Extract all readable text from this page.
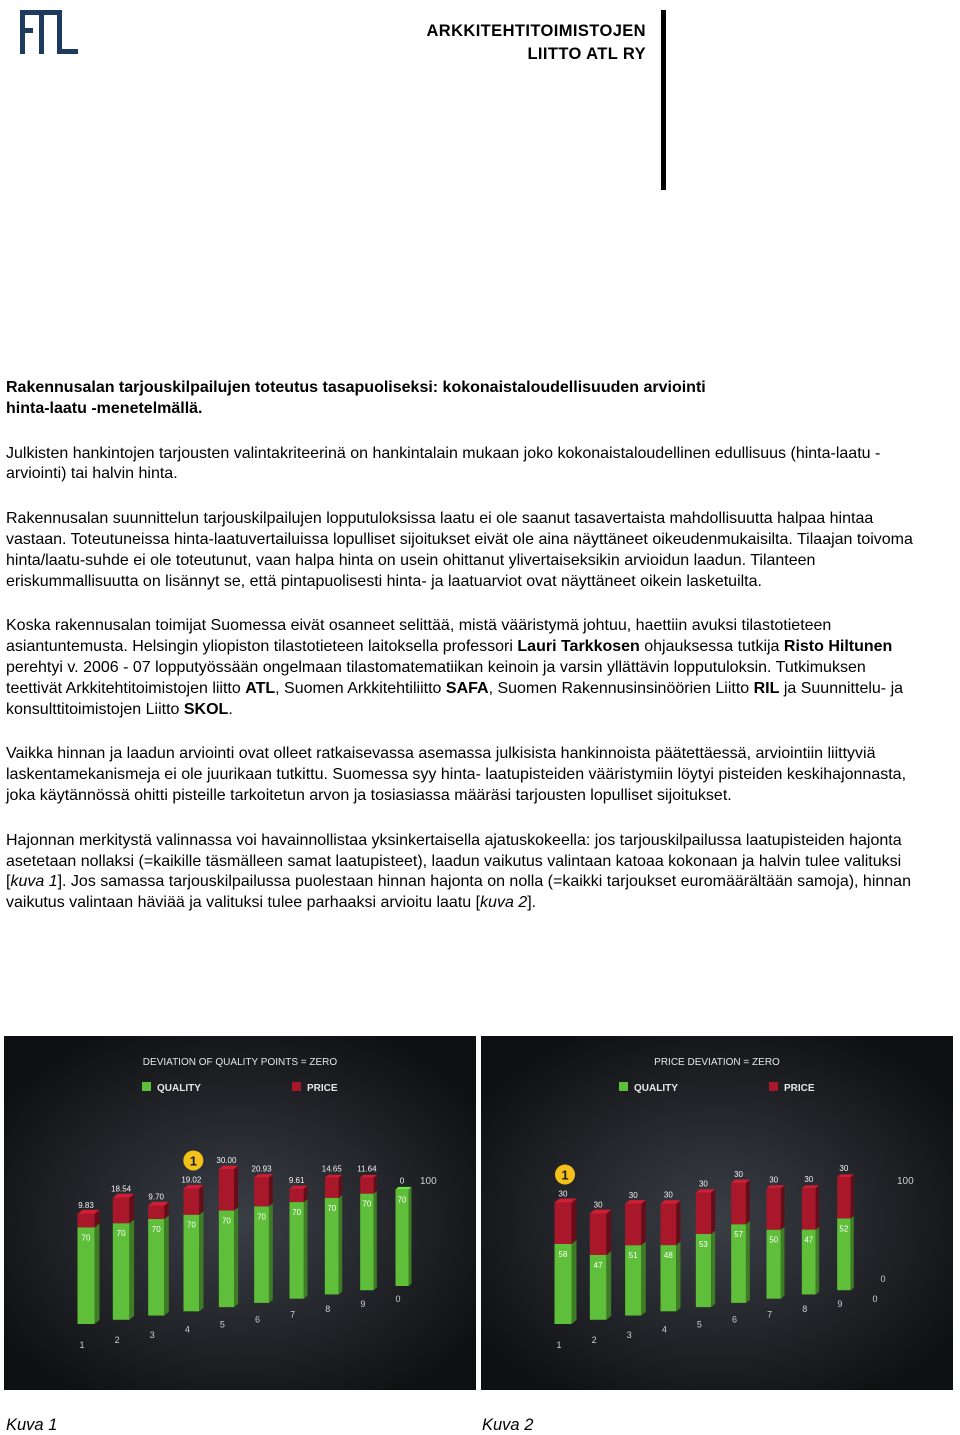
ARKKITEHTITOIMISTOJEN
LIITTO ATL RY

Rakennusalan tarjouskilpailujen toteutus tasapuoliseksi: kokonaistaloudellisuuden arviointi
hinta-laatu -menetelmällä.

Julkisten hankintojen tarjousten valintakriteerinä on hankintalain mukaan joko kokonaistaloudellinen edullisuus (hinta-laatu -arviointi) tai halvin hinta.

Rakennusalan suunnittelun tarjouskilpailujen lopputuloksissa laatu ei ole saanut tasavertaista mahdollisuutta halpaa hintaa vastaan. Toteutuneissa hinta-laatuvertailuissa lopulliset sijoitukset eivät ole aina näyttäneet oikeudenmukaisilta. Tilaajan toivoma hinta/laatu-suhde ei ole toteutunut, vaan halpa hinta on usein ohittanut ylivertaiseksikin arvioidun laadun. Tilanteen eriskummallisuutta on lisännyt se, että pintapuolisesti hinta- ja laatuarviot ovat näyttäneet oikein lasketuilta.

Koska rakennusalan toimijat Suomessa eivät osanneet selittää, mistä vääristymä johtuu, haettiin avuksi tilastotieteen asiantuntemusta. Helsingin yliopiston tilastotieteen laitoksella professori Lauri Tarkkosen ohjauksessa tutkija Risto Hiltunen perehtyi v. 2006 - 07 lopputyössään ongelmaan tilastomatematiikan keinoin ja varsin yllättävin lopputuloksin. Tutkimuksen teettivät Arkkitehtitoimistojen liitto ATL, Suomen Arkkitehtiliitto SAFA, Suomen Rakennusinsinöörien Liitto RIL ja Suunnittelu- ja konsulttitoimistojen Liitto SKOL.

Vaikka hinnan ja laadun arviointi ovat olleet ratkaisevassa asemassa julkisista hankinnoista päätettäessä, arviointiin liittyviä laskentamekanismeja ei ole juurikaan tutkittu. Suomessa syy hinta- laatupisteiden vääristymiin löytyi pisteiden keskihajonnasta, joka käytännössä ohitti pisteille tarkoitetun arvon ja tosiasiassa määräsi tarjousten lopulliset sijoitukset.

Hajonnan merkitystä valinnassa voi havainnollistaa yksinkertaisella ajatuskokeella: jos tarjouskilpailussa laatupisteiden hajonta asetetaan nollaksi (=kaikille täsmälleen samat laatupisteet), laadun vaikutus valintaan katoaa kokonaan ja halvin tulee valituksi [kuva 1]. Jos samassa tarjouskilpailussa puolestaan hinnan hajonta on nolla (=kaikki tarjoukset euromäärältään samoja), hinnan vaikutus valintaan häviää ja valituksi tulee parhaaksi arvioitu laatu [kuva 2].

DEVIATION OF QUALITY POINTS = ZERO
QUALITY	PRICE
100
70
9.83
1
70
18.54
2
70
9.70
3
70
19.02
4
1
70
30.00
5
70
20.93
6
70
9.61
7
70
14.65
8
70
11.64
9
70
0
0
PRICE DEVIATION = ZERO
QUALITY	PRICE
100
58
30
1
1
47
30
2
51
30
3
48
30
4
53
30
5
57
30
6
50
30
7
47
30
8
52
30
9
0
0
Kuva 1	Kuva 2
